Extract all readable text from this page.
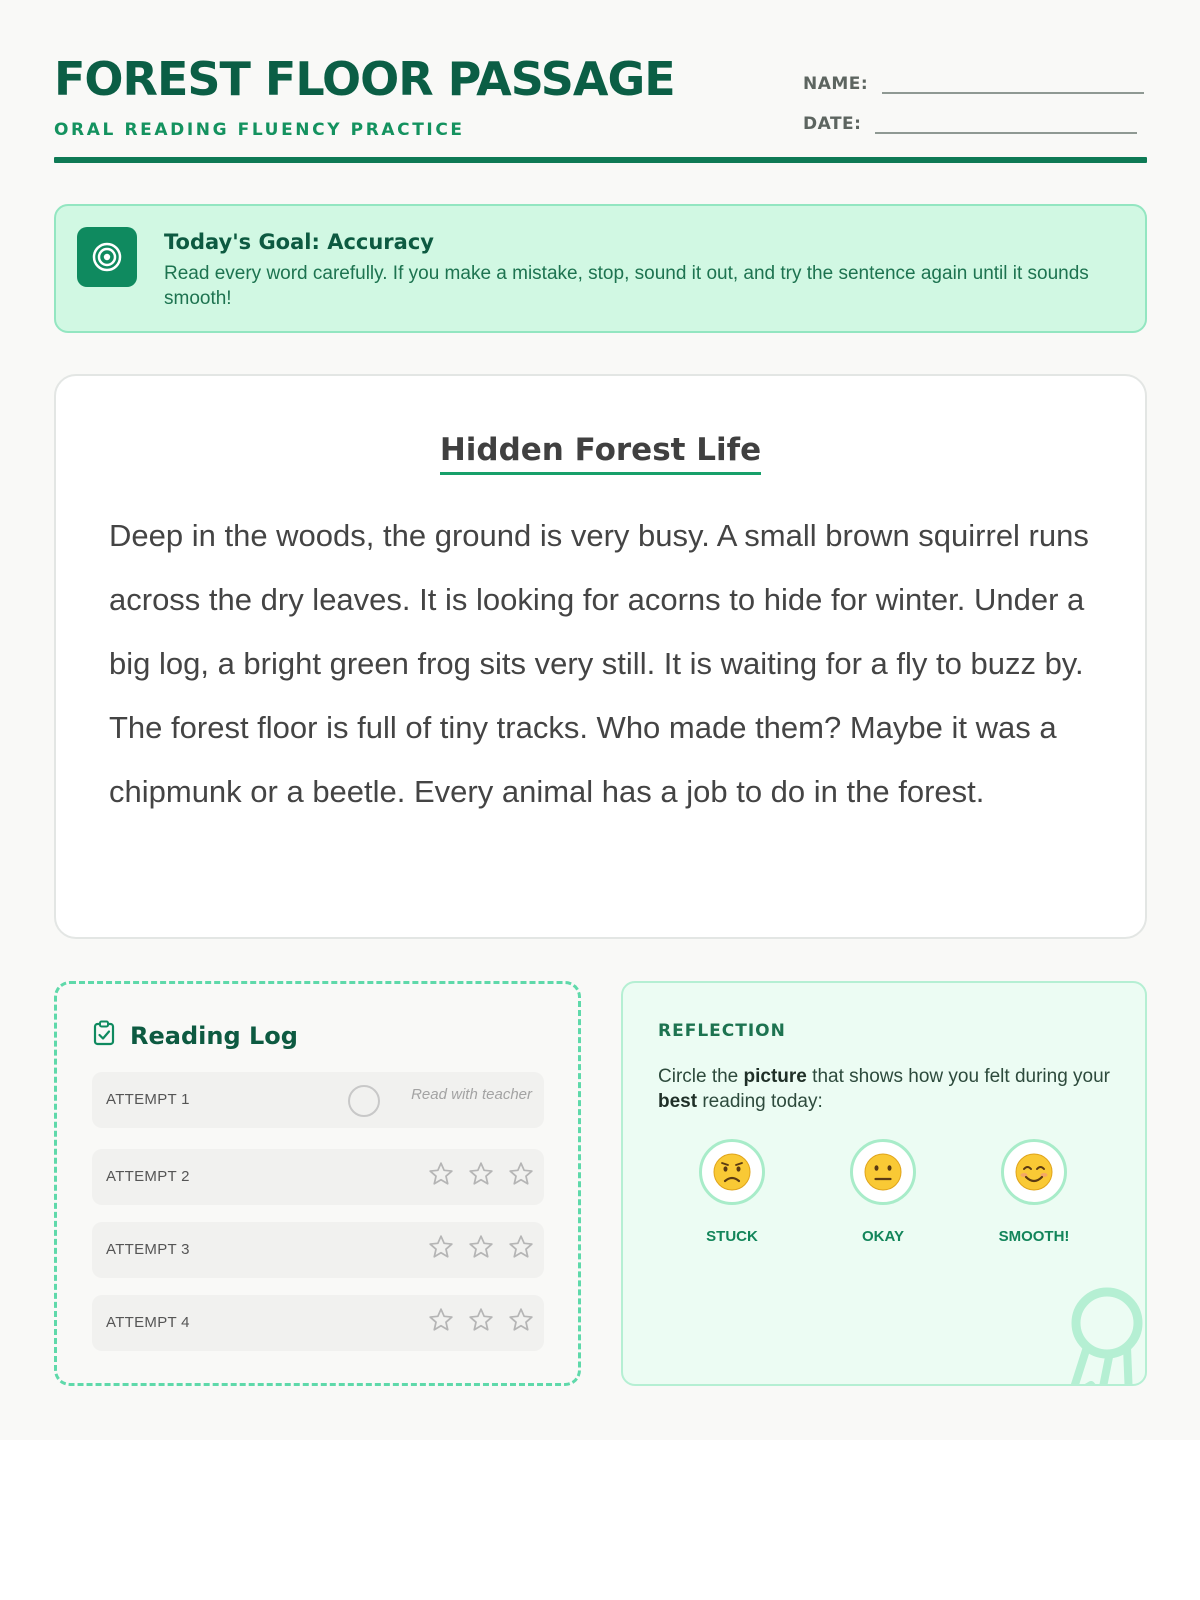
FOREST FLOOR PASSAGE
ORAL READING FLUENCY PRACTICE
NAME:
DATE:
Today's Goal: Accuracy
Read every word carefully. If you make a mistake, stop, sound it out, and try the sentence again until it sounds smooth!
Hidden Forest Life
Deep in the woods, the ground is very busy. A small brown squirrel runs across the dry leaves. It is looking for acorns to hide for winter. Under a big log, a bright green frog sits very still. It is waiting for a fly to buzz by. The forest floor is full of tiny tracks. Who made them? Maybe it was a chipmunk or a beetle. Every animal has a job to do in the forest.
Reading Log
ATTEMPT 1	Read with teacher
ATTEMPT 2
ATTEMPT 3
ATTEMPT 4
REFLECTION
Circle the picture that shows how you felt during your best reading today:
STUCK	OKAY	SMOOTH!
